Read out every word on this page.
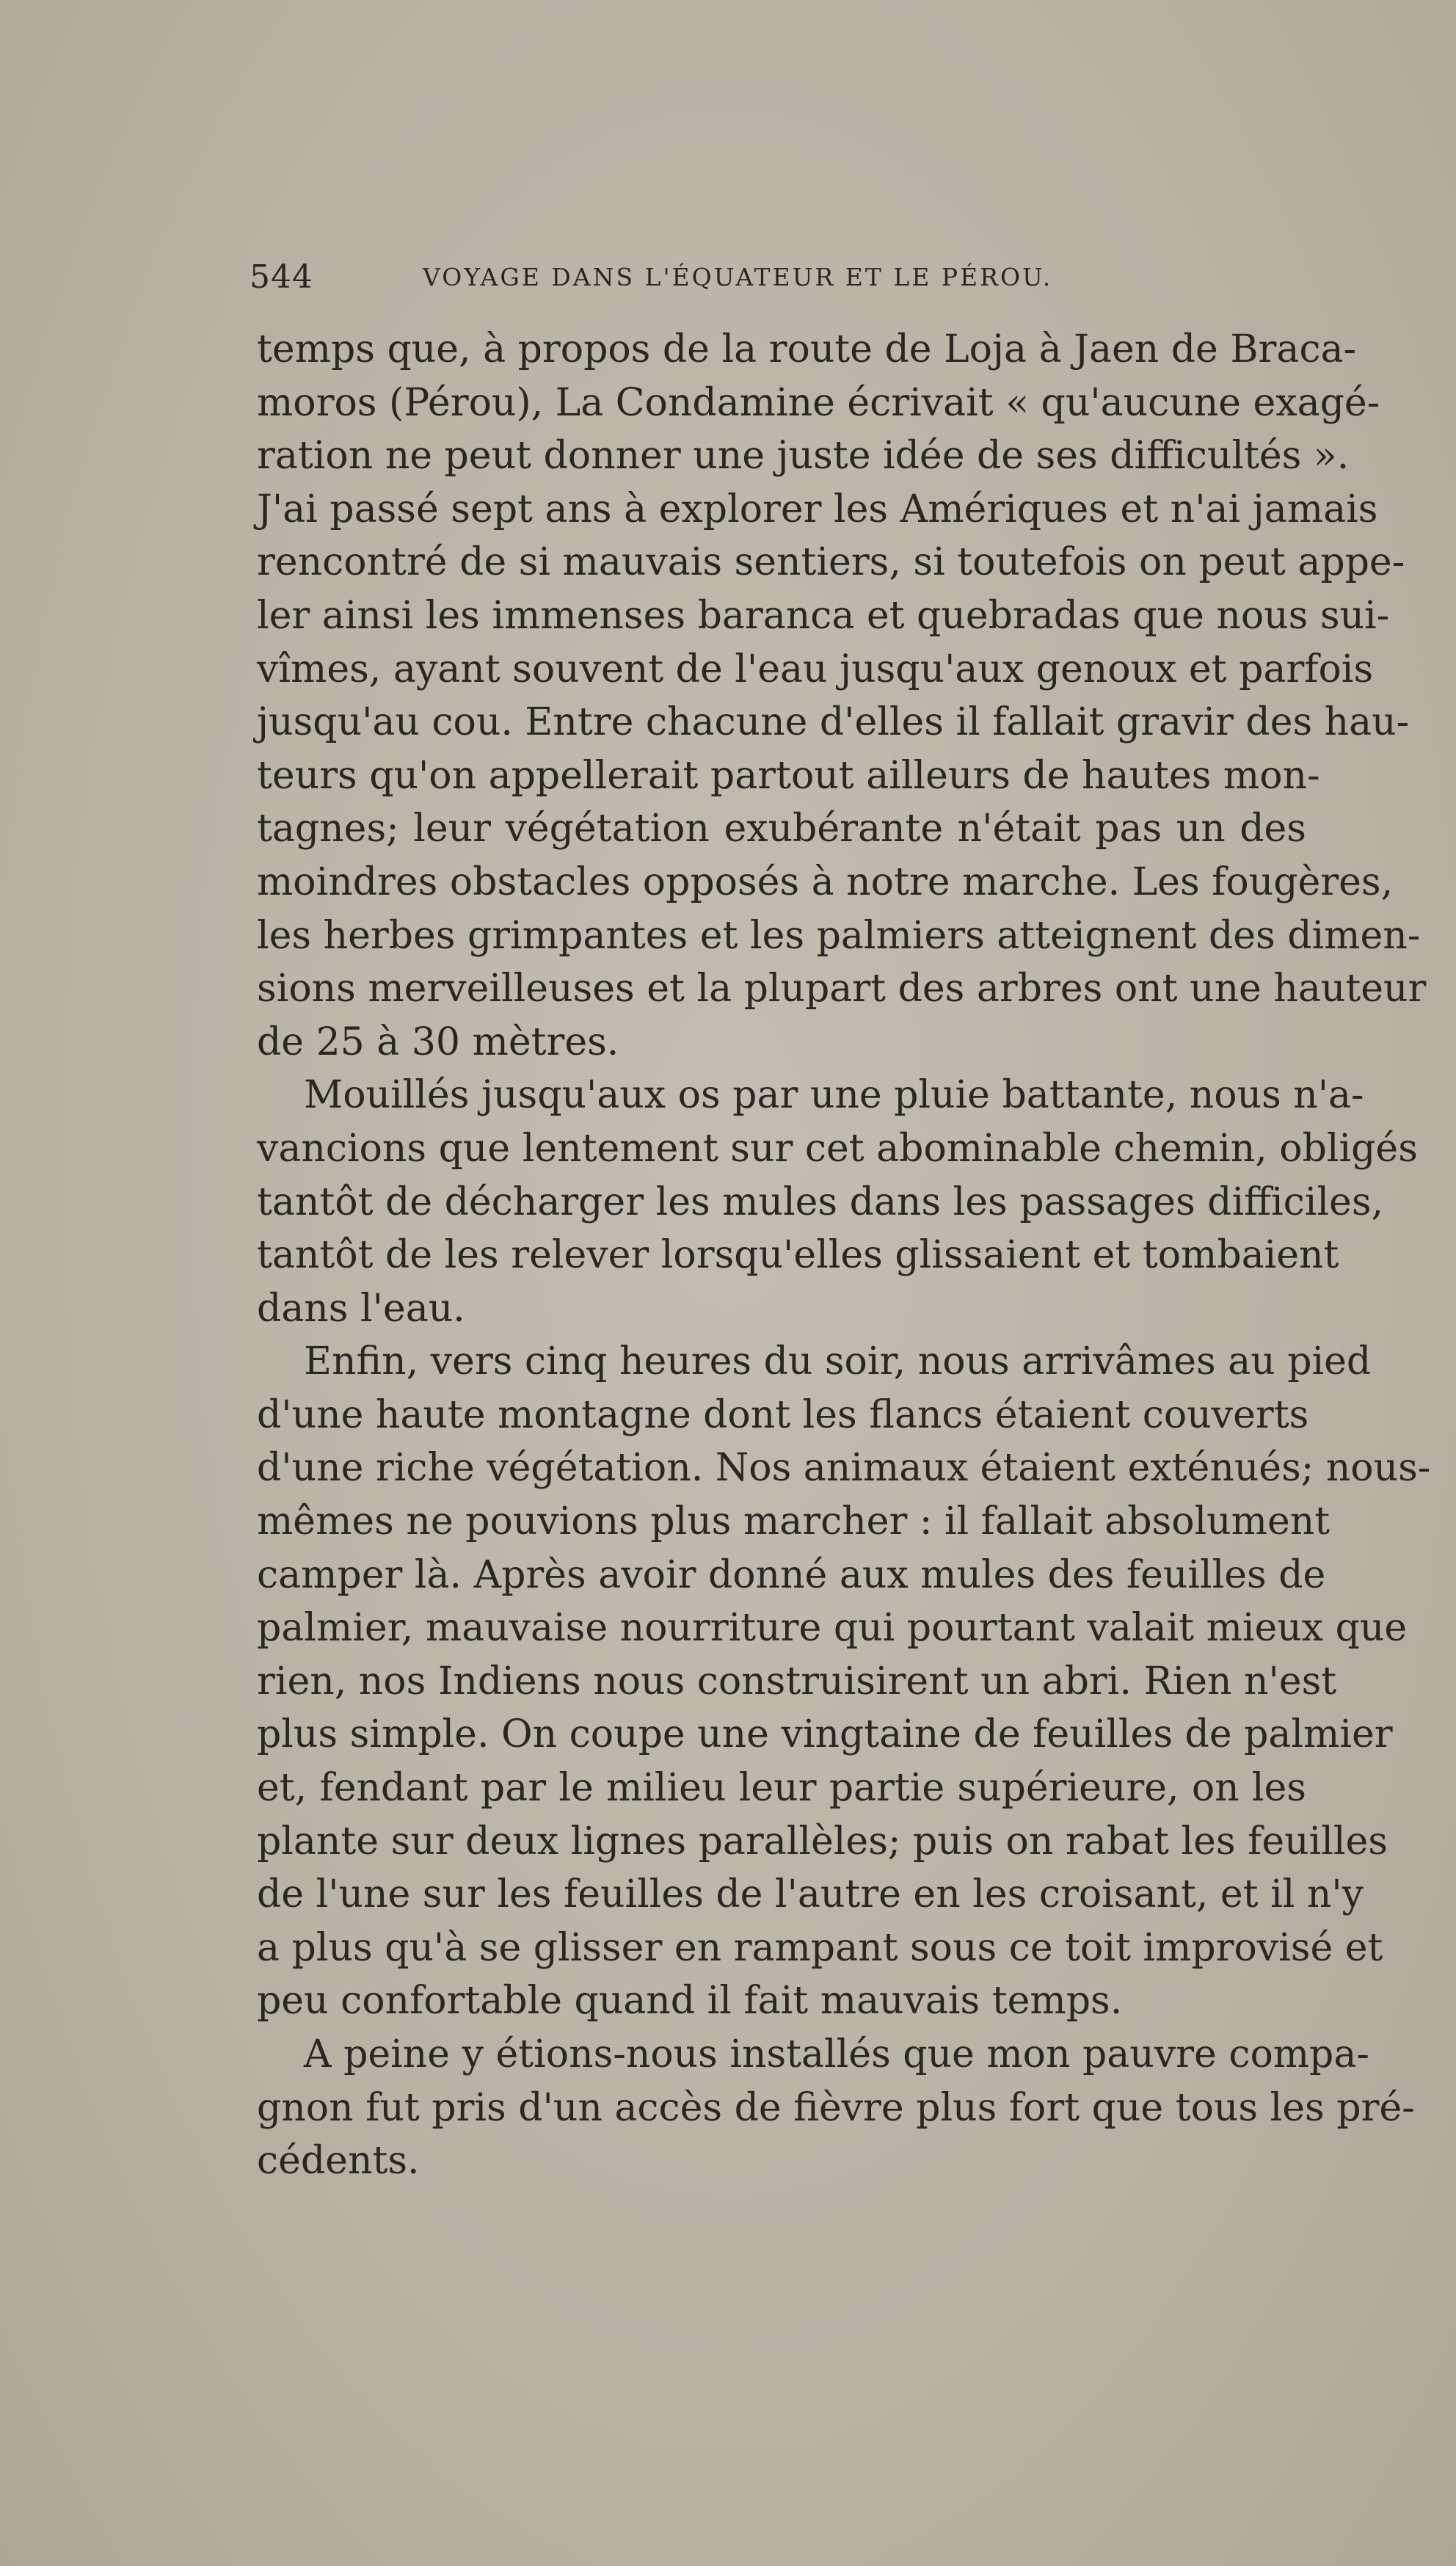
544	VOYAGE DANS L'ÉQUATEUR ET LE PÉROU.
temps que, à propos de la route de Loja à Jaen de Braca-
moros (Pérou), La Condamine écrivait « qu'aucune exagé-
ration ne peut donner une juste idée de ses difficultés ».
J'ai passé sept ans à explorer les Amériques et n'ai jamais
rencontré de si mauvais sentiers, si toutefois on peut appe-
ler ainsi les immenses baranca et quebradas que nous sui-
vîmes, ayant souvent de l'eau jusqu'aux genoux et parfois
jusqu'au cou. Entre chacune d'elles il fallait gravir des hau-
teurs qu'on appellerait partout ailleurs de hautes mon-
tagnes; leur végétation exubérante n'était pas un des
moindres obstacles opposés à notre marche. Les fougères,
les herbes grimpantes et les palmiers atteignent des dimen-
sions merveilleuses et la plupart des arbres ont une hauteur
de 25 à 30 mètres.
Mouillés jusqu'aux os par une pluie battante, nous n'a-
vancions que lentement sur cet abominable chemin, obligés
tantôt de décharger les mules dans les passages difficiles,
tantôt de les relever lorsqu'elles glissaient et tombaient
dans l'eau.
Enfin, vers cinq heures du soir, nous arrivâmes au pied
d'une haute montagne dont les flancs étaient couverts
d'une riche végétation. Nos animaux étaient exténués; nous-
mêmes ne pouvions plus marcher : il fallait absolument
camper là. Après avoir donné aux mules des feuilles de
palmier, mauvaise nourriture qui pourtant valait mieux que
rien, nos Indiens nous construisirent un abri. Rien n'est
plus simple. On coupe une vingtaine de feuilles de palmier
et, fendant par le milieu leur partie supérieure, on les
plante sur deux lignes parallèles; puis on rabat les feuilles
de l'une sur les feuilles de l'autre en les croisant, et il n'y
a plus qu'à se glisser en rampant sous ce toit improvisé et
peu confortable quand il fait mauvais temps.
A peine y étions-nous installés que mon pauvre compa-
gnon fut pris d'un accès de fièvre plus fort que tous les pré-
cédents.
